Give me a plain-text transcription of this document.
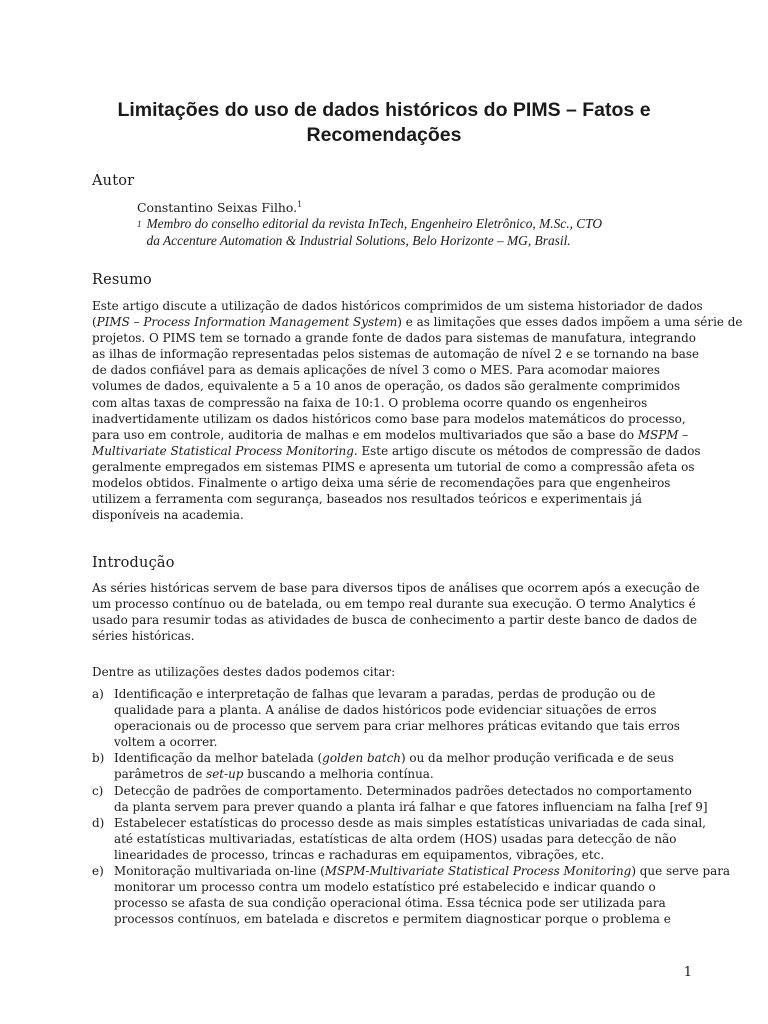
Limitações do uso de dados históricos do PIMS – Fatos e
Recomendações
Autor
Constantino Seixas Filho.$^1$
1 Membro do conselho editorial da revista InTech, Engenheiro Eletrônico, M.Sc., CTO
da Accenture Automation & Industrial Solutions, Belo Horizonte – MG, Brasil.
Resumo
Este artigo discute a utilização de dados históricos comprimidos de um sistema historiador de dados
(PIMS – Process Information Management System) e as limitações que esses dados impõem a uma série de
projetos. O PIMS tem se tornado a grande fonte de dados para sistemas de manufatura, integrando
as ilhas de informação representadas pelos sistemas de automação de nível 2 e se tornando na base
de dados confiável para as demais aplicações de nível 3 como o MES. Para acomodar maiores
volumes de dados, equivalente a 5 a 10 anos de operação, os dados são geralmente comprimidos
com altas taxas de compressão na faixa de 10:1. O problema ocorre quando os engenheiros
inadvertidamente utilizam os dados históricos como base para modelos matemáticos do processo,
para uso em controle, auditoria de malhas e em modelos multivariados que são a base do MSPM –
Multivariate Statistical Process Monitoring. Este artigo discute os métodos de compressão de dados
geralmente empregados em sistemas PIMS e apresenta um tutorial de como a compressão afeta os
modelos obtidos. Finalmente o artigo deixa uma série de recomendações para que engenheiros
utilizem a ferramenta com segurança, baseados nos resultados teóricos e experimentais já
disponíveis na academia.
Introdução
As séries históricas servem de base para diversos tipos de análises que ocorrem após a execução de
um processo contínuo ou de batelada, ou em tempo real durante sua execução. O termo Analytics é
usado para resumir todas as atividades de busca de conhecimento a partir deste banco de dados de
séries históricas.
Dentre as utilizações destes dados podemos citar:
a) Identificação e interpretação de falhas que levaram a paradas, perdas de produção ou de
qualidade para a planta. A análise de dados históricos pode evidenciar situações de erros
operacionais ou de processo que servem para criar melhores práticas evitando que tais erros
voltem a ocorrer.
b) Identificação da melhor batelada (golden batch) ou da melhor produção verificada e de seus
parâmetros de set-up buscando a melhoria contínua.
c) Detecção de padrões de comportamento. Determinados padrões detectados no comportamento
da planta servem para prever quando a planta irá falhar e que fatores influenciam na falha [ref 9]
d) Estabelecer estatísticas do processo desde as mais simples estatísticas univariadas de cada sinal,
até estatísticas multivariadas, estatísticas de alta ordem (HOS) usadas para detecção de não
linearidades de processo, trincas e rachaduras em equipamentos, vibrações, etc.
e) Monitoração multivariada on-line (MSPM-Multivariate Statistical Process Monitoring) que serve para
monitorar um processo contra um modelo estatístico pré estabelecido e indicar quando o
processo se afasta de sua condição operacional ótima. Essa técnica pode ser utilizada para
processos contínuos, em batelada e discretos e permitem diagnosticar porque o problema e
1
